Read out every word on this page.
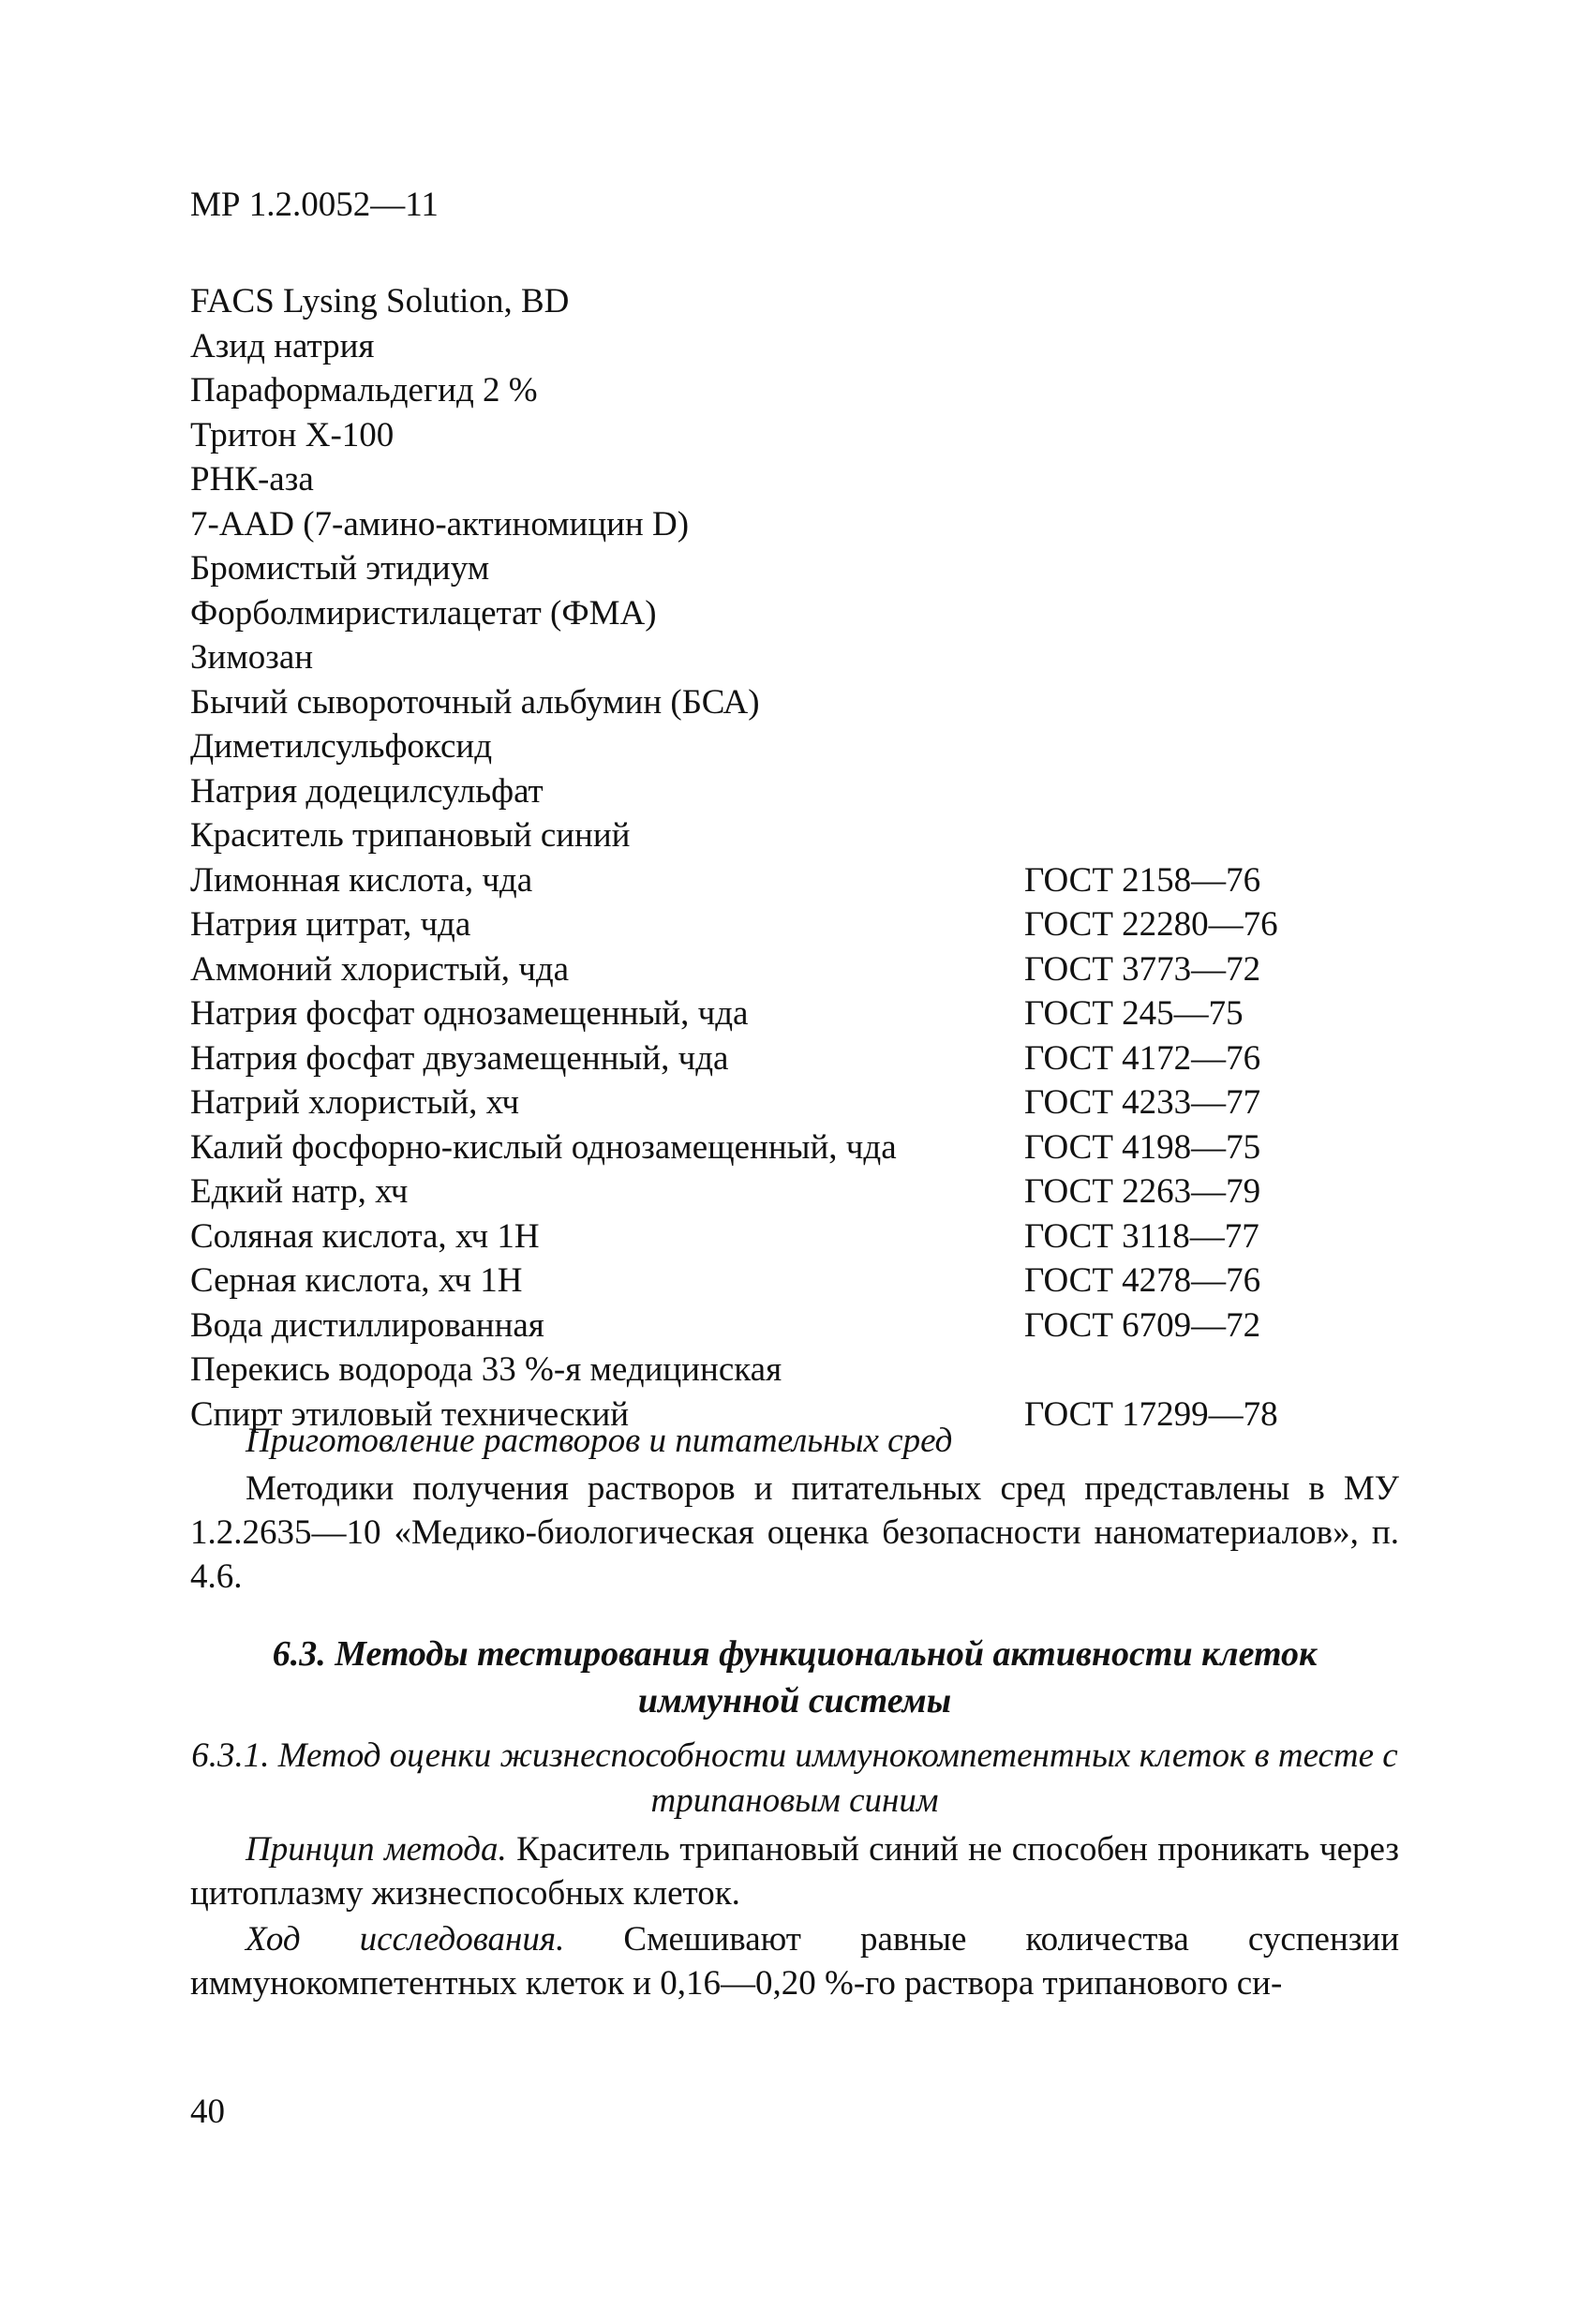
МР 1.2.0052—11
FACS Lysing Solution, BD
Азид натрия
Параформальдегид 2 %
Тритон Х-100
РНК-аза
7-AAD (7-амино-актиномицин D)
Бромистый этидиум
Форболмиристилацетат (ФМА)
Зимозан
Бычий сывороточный альбумин (БСА)
Диметилсульфоксид
Натрия додецилсульфат
Краситель трипановый синий
Лимонная кислота, чда	ГОСТ 2158—76
Натрия цитрат, чда	ГОСТ 22280—76
Аммоний хлористый, чда	ГОСТ 3773—72
Натрия фосфат однозамещенный, чда	ГОСТ 245—75
Натрия фосфат двузамещенный, чда	ГОСТ 4172—76
Натрий хлористый, хч	ГОСТ 4233—77
Калий фосфорно-кислый однозамещенный, чда	ГОСТ 4198—75
Едкий натр, хч	ГОСТ 2263—79
Соляная кислота, хч 1Н	ГОСТ 3118—77
Серная кислота, хч 1Н	ГОСТ 4278—76
Вода дистиллированная	ГОСТ 6709—72
Перекись водорода 33 %-я медицинская
Спирт этиловый технический	ГОСТ 17299—78
Приготовление растворов и питательных сред
Методики получения растворов и питательных сред представлены в МУ 1.2.2635—10 «Медико-биологическая оценка безопасности наноматериалов», п. 4.6.
6.3. Методы тестирования функциональной активности клеток иммунной системы
6.3.1. Метод оценки жизнеспособности иммунокомпетентных клеток в тесте с трипановым синим
Принцип метода. Краситель трипановый синий не способен проникать через цитоплазму жизнеспособных клеток.
Ход исследования. Смешивают равные количества суспензии иммунокомпетентных клеток и 0,16—0,20 %-го раствора трипанового си-
40
